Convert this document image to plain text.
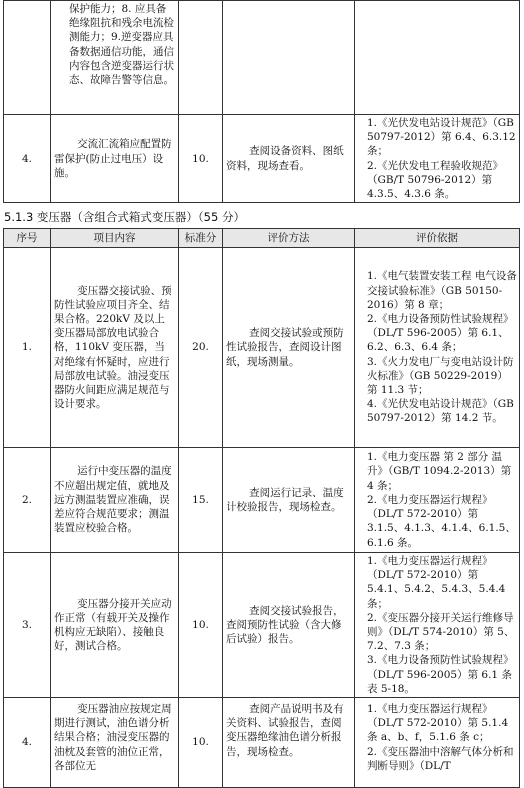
	保护能力；8. 应具备绝缘阻抗和残余电流检测能力；9.逆变器应具备数据通信功能，通信内容包含逆变器运行状态、故障告警等信息。			
4.	交流汇流箱应配置防雷保护(防止过电压）设施。	10.	查阅设备资料、图纸资料，现场查看。	1.《光伏发电站设计规范》（GB 50797-2012）第 6.4、6.3.12 条；
2.《光伏发电工程验收规范》（GB/T 50796-2012）第 4.3.5、4.3.6 条。
5.1.3 变压器（含组合式箱式变压器）（55 分）
序号	项目内容	标准分	评价方法	评价依据
1.	变压器交接试验、预防性试验应项目齐全、结果合格。220kV 及以上变压器局部放电试验合格，110kV 变压器，当对绝缘有怀疑时，应进行局部放电试验。油浸变压器防火间距应满足规范与设计要求。	20.	查阅交接试验或预防性试验报告，查阅设计图纸，现场测量。	1.《电气装置安装工程 电气设备交接试验标准》（GB 50150-2016）第 8 章；
2.《电力设备预防性试验规程》（DL/T 596-2005）第 6.1、6.2、6.3、6.4 条；
3.《火力发电厂与变电站设计防火标准》（GB 50229-2019）第 11.3 节；
4.《光伏发电站设计规范》（GB 50797-2012）第 14.2 节。

2.	运行中变压器的温度不应超出规定值，就地及远方测温装置应准确，误差应符合规范要求；测温装置应校验合格。	15.	查阅运行记录、温度计校验报告，现场检查。	1.《电力变压器 第 2 部分 温升》（GB/T 1094.2-2013）第 4 条；
2.《电力变压器运行规程》（DL/T 572-2010）第 3.1.5、4.1.3、4.1.4、6.1.5、6.1.6 条。

3.	变压器分接开关应动作正常（有载开关及操作机构应无缺陷）、接触良好，测试合格。	10.	查阅交接试验报告，查阅预防性试验（含大修后试验）报告。	1.《电力变压器运行规程》（DL/T 572-2010）第 5.4.1、5.4.2、5.4.3、5.4.4 条；
2.《变压器分接开关运行维修导则》（DL/T 574-2010）第 5、7.2、7.3 条；
3.《电力设备预防性试验规程》（DL/T 596-2005）第 6.1 条表 5-18。

4.	变压器油应按规定周期进行测试，油色谱分析结果合格；油浸变压器的油枕及套管的油位正常，各部位无	10.	查阅产品说明书及有关资料、试验报告，查阅变压器绝缘油色谱分析报告，现场检查。	1.《电力变压器运行规程》（DL/T 572-2010）第 5.1.4 条 a、b、f，5.1.6 条 c；
2.《变压器油中溶解气体分析和判断导则》（DL/T
